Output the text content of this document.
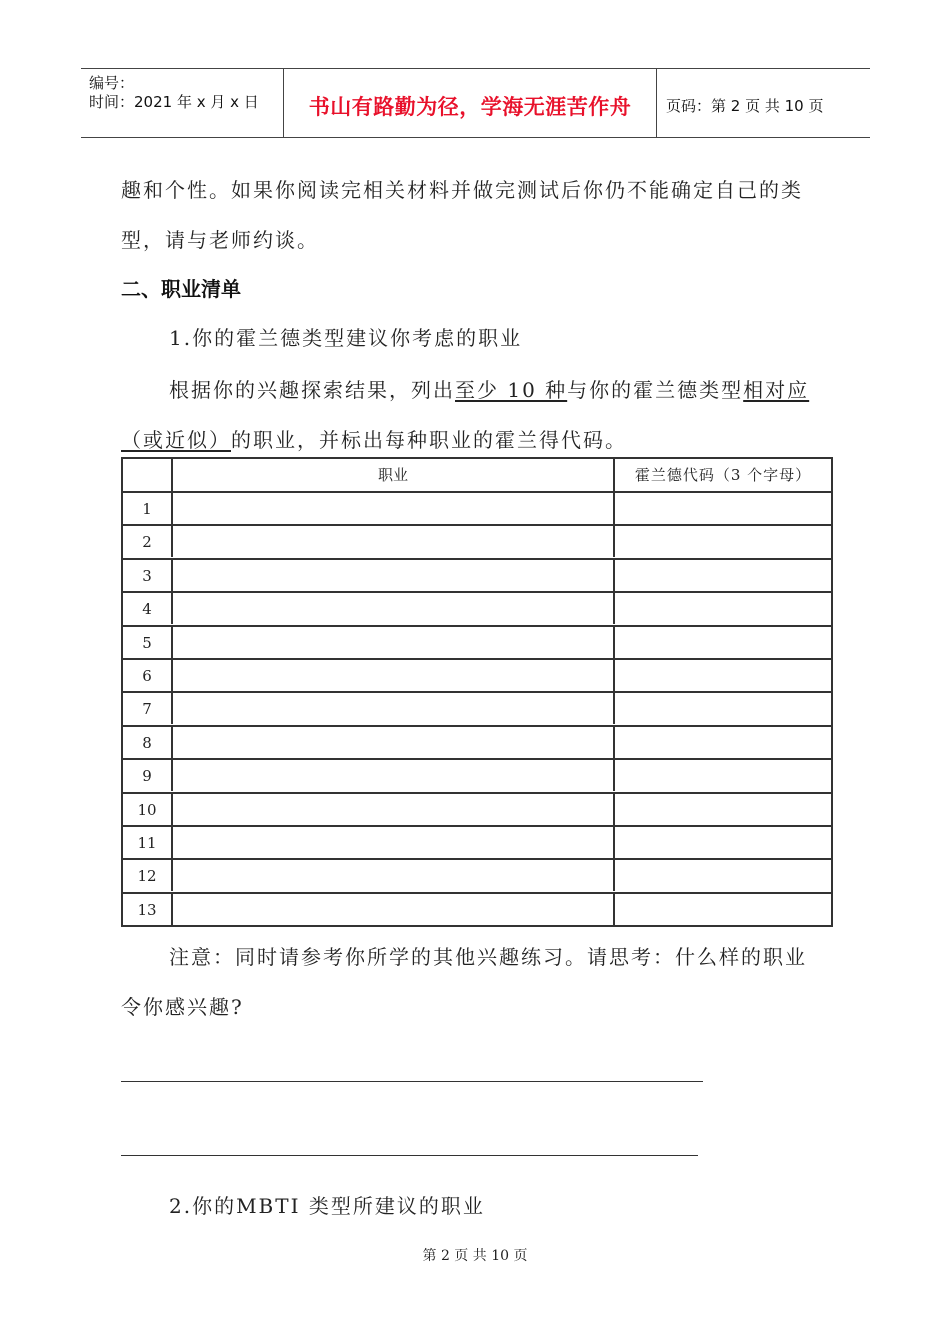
编号：
时间：2021 年 x 月 x 日	书山有路勤为径，学海无涯苦作舟	页码：第 2 页 共 10 页
趣和个性。如果你阅读完相关材料并做完测试后你仍不能确定自己的类
型，请与老师约谈。
二、职业清单
1.你的霍兰德类型建议你考虑的职业
根据你的兴趣探索结果，列出至少 10 种与你的霍兰德类型相对应
（或近似）的职业，并标出每种职业的霍兰得代码。
职业	霍兰德代码（3 个字母）
1
2
3
4
5
6
7
8
9
10
11
12
13
注意：同时请参考你所学的其他兴趣练习。请思考：什么样的职业
令你感兴趣?
2.你的MBTI 类型所建议的职业
第 2 页 共 10 页
